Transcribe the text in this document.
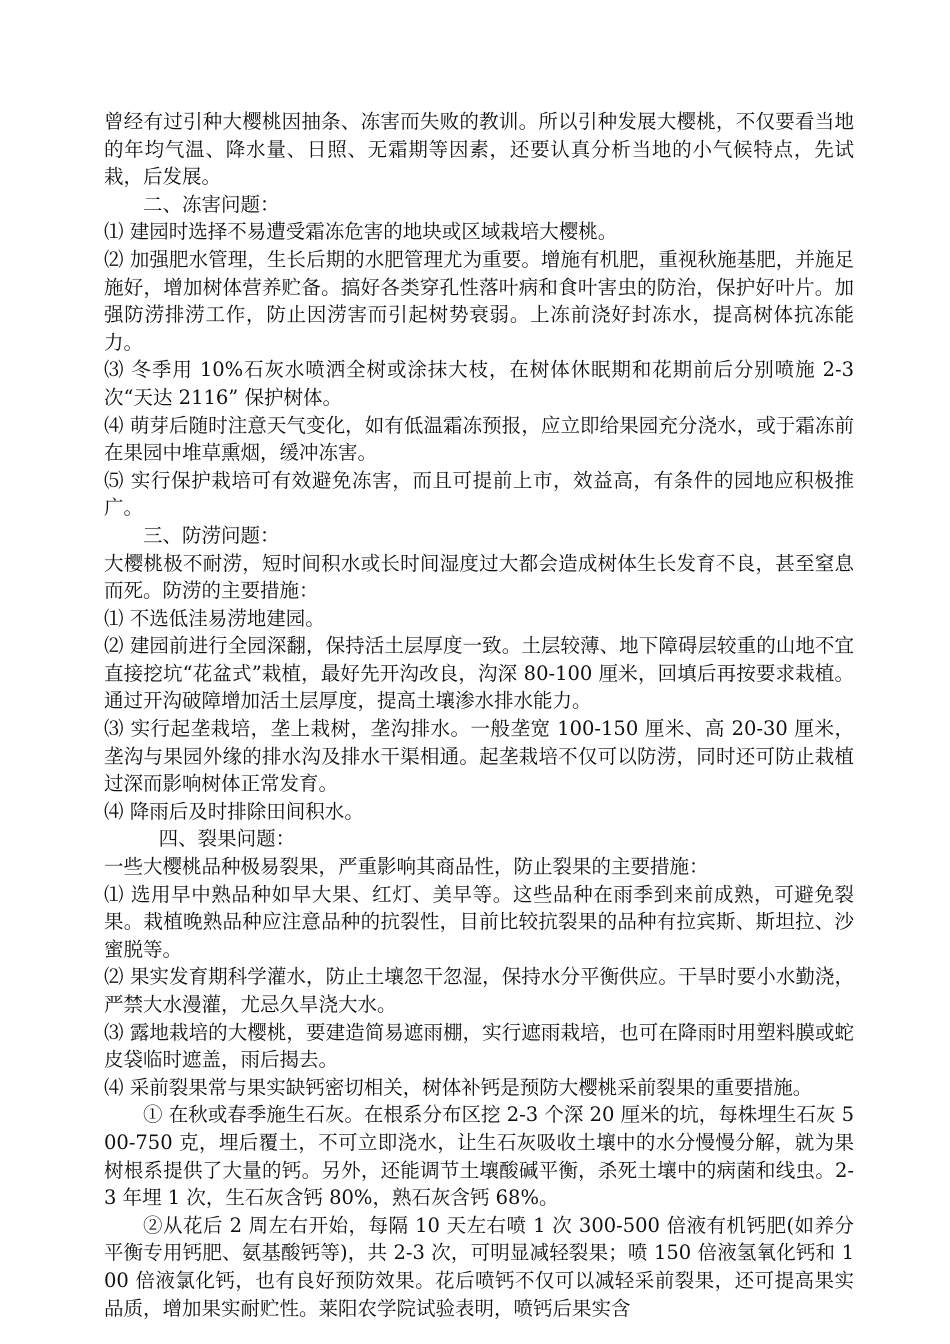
曾经有过引种大樱桃因抽条、冻害而失败的教训。所以引种发展大樱桃，不仅要看当地的年均气温、降水量、日照、无霜期等因素，还要认真分析当地的小气候特点，先试栽，后发展。

二、冻害问题：

⑴ 建园时选择不易遭受霜冻危害的地块或区域栽培大樱桃。

⑵ 加强肥水管理，生长后期的水肥管理尤为重要。增施有机肥，重视秋施基肥，并施足施好，增加树体营养贮备。搞好各类穿孔性落叶病和食叶害虫的防治，保护好叶片。加强防涝排涝工作，防止因涝害而引起树势衰弱。上冻前浇好封冻水，提高树体抗冻能力。

⑶ 冬季用 10%石灰水喷洒全树或涂抹大枝，在树体休眠期和花期前后分别喷施 2-3 次“天达 2116” 保护树体。

⑷ 萌芽后随时注意天气变化，如有低温霜冻预报，应立即给果园充分浇水，或于霜冻前在果园中堆草熏烟，缓冲冻害。

⑸ 实行保护栽培可有效避免冻害，而且可提前上市，效益高，有条件的园地应积极推广。

三、防涝问题：

大樱桃极不耐涝，短时间积水或长时间湿度过大都会造成树体生长发育不良，甚至窒息而死。防涝的主要措施：

⑴ 不选低洼易涝地建园。

⑵ 建园前进行全园深翻，保持活土层厚度一致。土层较薄、地下障碍层较重的山地不宜直接挖坑“花盆式”栽植，最好先开沟改良，沟深 80-100 厘米，回填后再按要求栽植。通过开沟破障增加活土层厚度，提高土壤渗水排水能力。

⑶ 实行起垄栽培，垄上栽树，垄沟排水。一般垄宽 100-150 厘米、高 20-30 厘米，垄沟与果园外缘的排水沟及排水干渠相通。起垄栽培不仅可以防涝，同时还可防止栽植过深而影响树体正常发育。

⑷ 降雨后及时排除田间积水。

四、裂果问题：

一些大樱桃品种极易裂果，严重影响其商品性，防止裂果的主要措施：

⑴ 选用早中熟品种如早大果、红灯、美早等。这些品种在雨季到来前成熟，可避免裂果。栽植晚熟品种应注意品种的抗裂性，目前比较抗裂果的品种有拉宾斯、斯坦拉、沙蜜脱等。

⑵ 果实发育期科学灌水，防止土壤忽干忽湿，保持水分平衡供应。干旱时要小水勤浇，严禁大水漫灌，尤忌久旱浇大水。

⑶ 露地栽培的大樱桃，要建造简易遮雨棚，实行遮雨栽培，也可在降雨时用塑料膜或蛇皮袋临时遮盖，雨后揭去。

⑷ 采前裂果常与果实缺钙密切相关，树体补钙是预防大樱桃采前裂果的重要措施。

① 在秋或春季施生石灰。在根系分布区挖 2-3 个深 20 厘米的坑，每株埋生石灰 500-750 克，埋后覆土，不可立即浇水，让生石灰吸收土壤中的水分慢慢分解，就为果树根系提供了大量的钙。另外，还能调节土壤酸碱平衡，杀死土壤中的病菌和线虫。2-3 年埋 1 次，生石灰含钙 80%，熟石灰含钙 68%。

②从花后 2 周左右开始，每隔 10 天左右喷 1 次 300-500 倍液有机钙肥(如养分平衡专用钙肥、氨基酸钙等)，共 2-3 次，可明显减轻裂果；喷 150 倍液氢氧化钙和 100 倍液氯化钙，也有良好预防效果。花后喷钙不仅可以减轻采前裂果，还可提高果实品质，增加果实耐贮性。莱阳农学院试验表明，喷钙后果实含
